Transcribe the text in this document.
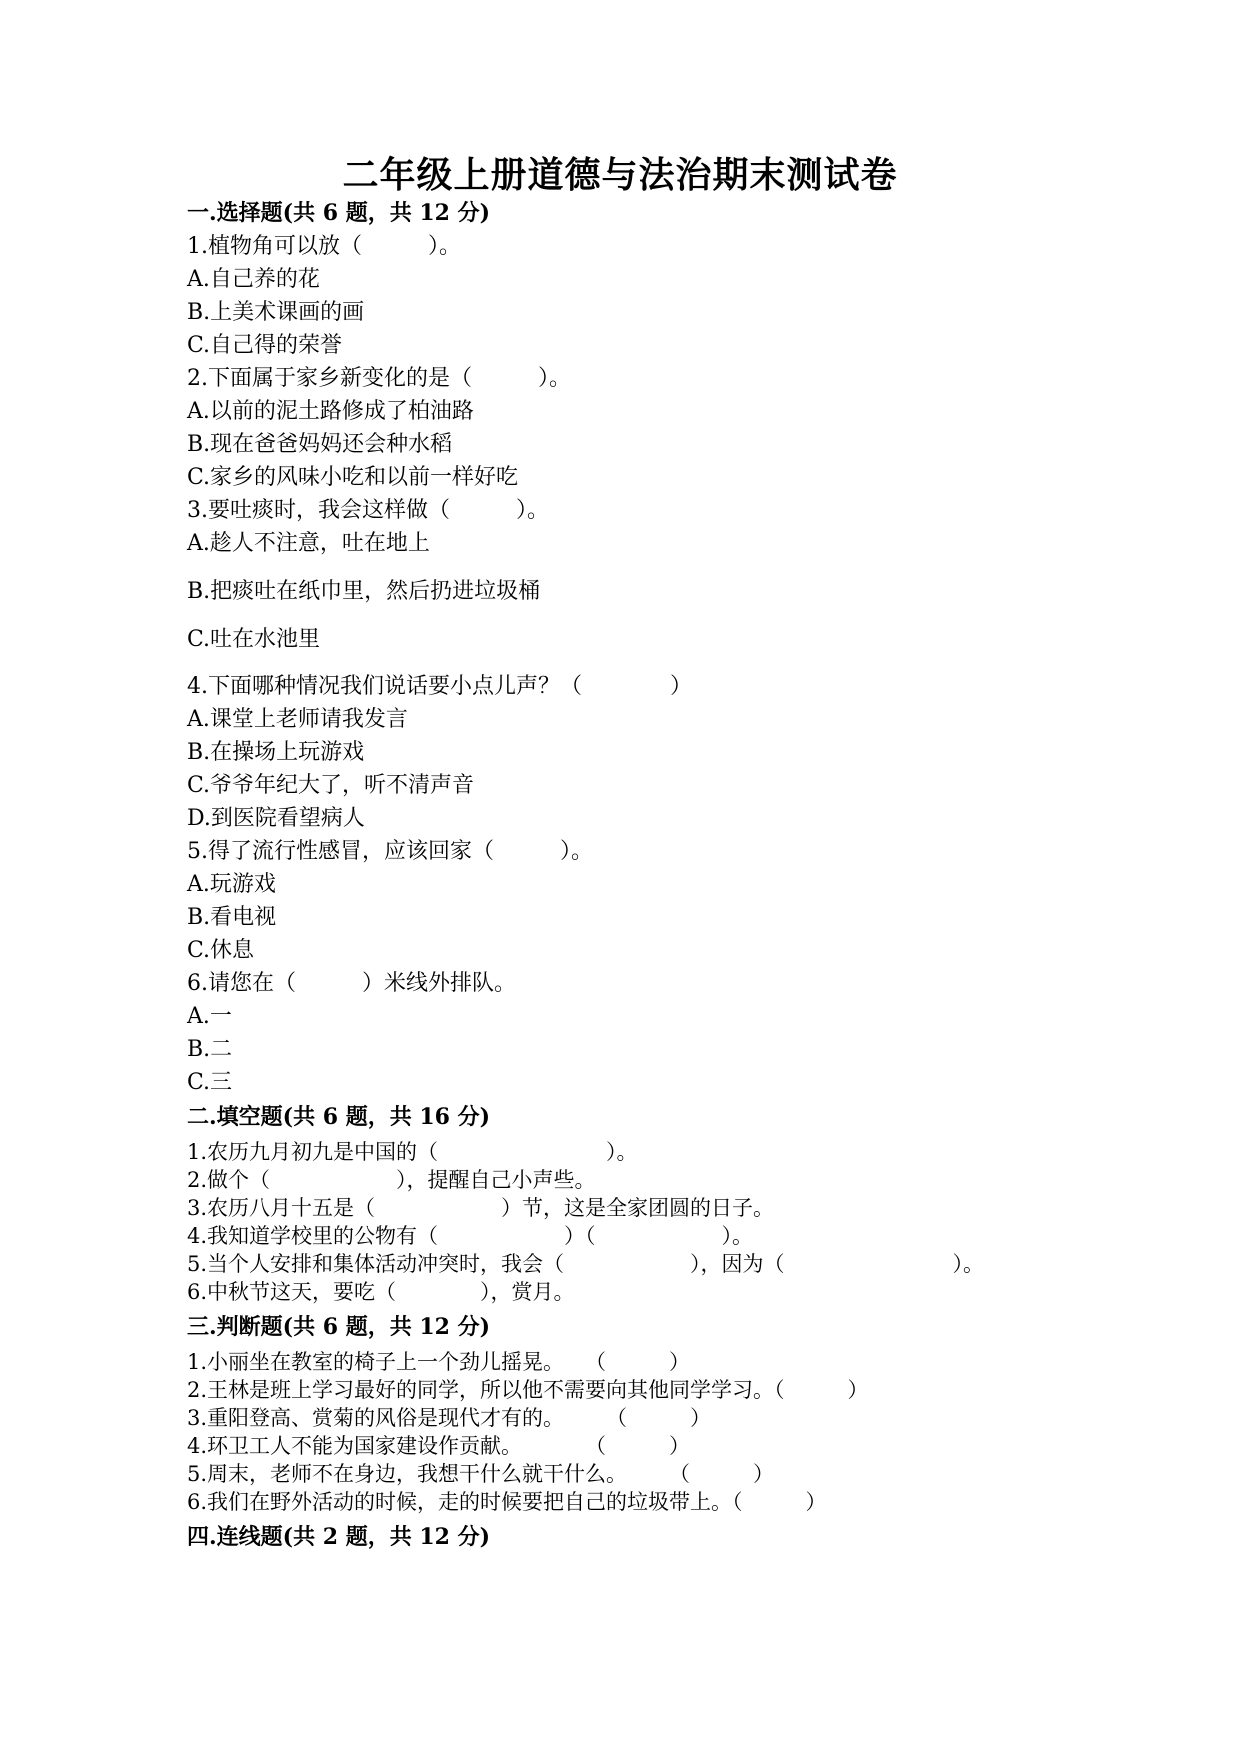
二年级上册道德与法治期末测试卷
一.选择题(共 6 题，共 12 分)
1.植物角可以放（　　　）。
A.自己养的花
B.上美术课画的画
C.自己得的荣誉
2.下面属于家乡新变化的是（　　　）。
A.以前的泥土路修成了柏油路
B.现在爸爸妈妈还会种水稻
C.家乡的风味小吃和以前一样好吃
3.要吐痰时，我会这样做（　　　）。
A.趁人不注意，吐在地上
B.把痰吐在纸巾里，然后扔进垃圾桶
C.吐在水池里
4.下面哪种情况我们说话要小点儿声？（　　　　）
A.课堂上老师请我发言
B.在操场上玩游戏
C.爷爷年纪大了，听不清声音
D.到医院看望病人
5.得了流行性感冒，应该回家（　　　）。
A.玩游戏
B.看电视
C.休息
6.请您在（　　　）米线外排队。
A.一
B.二
C.三
二.填空题(共 6 题，共 16 分)
1.农历九月初九是中国的（　　　　　　　　）。
2.做个（　　　　　　），提醒自己小声些。
3.农历八月十五是（　　　　　　）节，这是全家团圆的日子。
4.我知道学校里的公物有（　　　　　　）（　　　　　　）。
5.当个人安排和集体活动冲突时，我会（　　　　　　），因为（　　　　　　　　）。
6.中秋节这天，要吃（　　　　），赏月。
三.判断题(共 6 题，共 12 分)
1.小丽坐在教室的椅子上一个劲儿摇晃。　　（　　　）
2.王林是班上学习最好的同学，所以他不需要向其他同学学习。（　　　）
3.重阳登高、赏菊的风俗是现代才有的。　　　（　　　）
4.环卫工人不能为国家建设作贡献。　　　　（　　　）
5.周末，老师不在身边，我想干什么就干什么。　　　（　　　）
6.我们在野外活动的时候，走的时候要把自己的垃圾带上。（　　　）
四.连线题(共 2 题，共 12 分)
